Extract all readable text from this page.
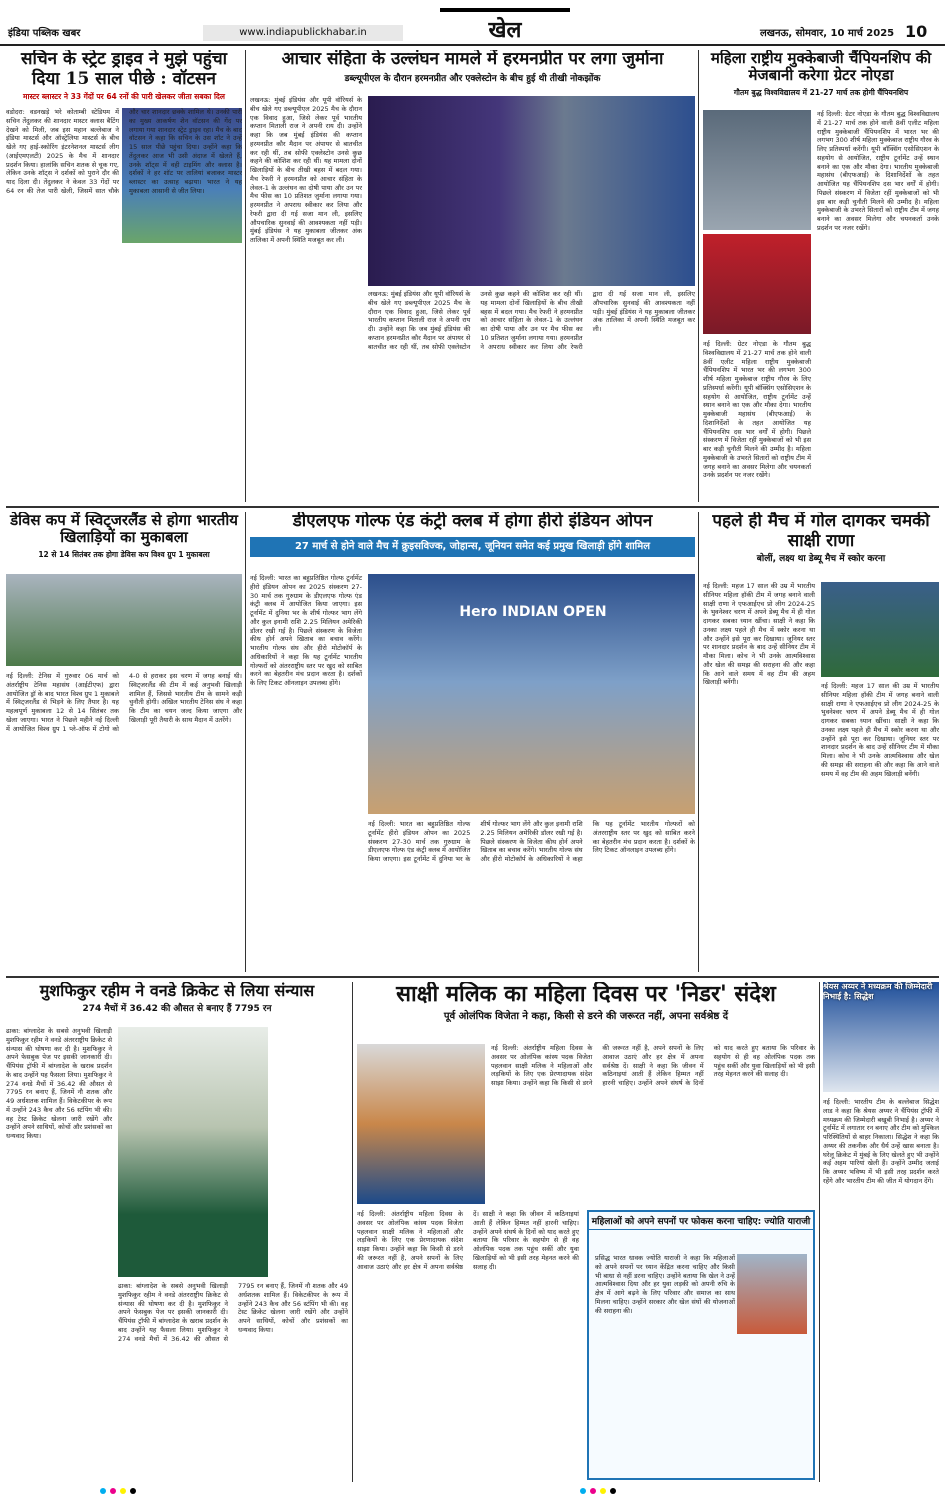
इंडिया पब्लिक खबर	www.indiapublickhabar.in	खेल	लखनऊ, सोमवार, 10 मार्च 2025 10
सचिन के स्ट्रेट ड्राइव ने मुझे पहुंचा दिया 15 साल पीछे : वॉटसन
मास्टर ब्लास्टर ने 33 गेंदों पर 64 रनों की पारी खेलकर जीता सबका दिल
वडोदरा: वडनखड़े भरे कोताम्बी स्टेडियम में सचिन तेंदुलकर की शानदार मास्टर क्लास बैटिंग देखने को मिली, जब इस महान बल्लेबाज ने इंडिया मास्टर्स और ऑस्ट्रेलिया मास्टर्स के बीच खेले गए हाई-स्कोरिंग इंटरनेशनल मास्टर्स लीग (आईएमएलटी) 2025 के मैच में शानदार प्रदर्शन किया। हालांकि सचिन शतक से चूक गए, लेकिन उनके शॉट्स ने दर्शकों को पुराने दौर की याद दिला दी। तेंदुलकर ने केवल 33 गेंदों पर 64 रन की तेज पारी खेली, जिसमें सात चौके और चार शानदार छक्के शामिल थे। उनकी पारी का मुख्य आकर्षण शेन वॉटसन की गेंद पर लगाया गया शानदार स्ट्रेट ड्राइव रहा। मैच के बाद वॉटसन ने कहा कि सचिन के उस शॉट ने उन्हें 15 साल पीछे पहुंचा दिया। उन्होंने कहा कि तेंदुलकर आज भी उसी अंदाज में खेलते हैं, उनके शॉट्स में वही टाइमिंग और क्लास है। दर्शकों ने हर शॉट पर तालियां बजाकर मास्टर ब्लास्टर का उत्साह बढ़ाया। भारत ने यह मुकाबला आसानी से जीत लिया।
आचार संहिता के उल्लंघन मामले में हरमनप्रीत पर लगा जुर्माना
डब्ल्यूपीएल के दौरान हरमनप्रीत और एक्लेस्टोन के बीच हुई थी तीखी नोकझोंक
लखनऊ: मुंबई इंडियंस और यूपी वॉरियर्स के बीच खेले गए डब्ल्यूपीएल 2025 मैच के दौरान एक विवाद हुआ, जिसे लेकर पूर्व भारतीय कप्तान मिताली राज ने अपनी राय दी। उन्होंने कहा कि जब मुंबई इंडियंस की कप्तान हरमनप्रीत कौर मैदान पर अंपायर से बातचीत कर रही थीं, तब सोफी एक्लेस्टोन उनसे कुछ कहने की कोशिश कर रही थीं। यह मामला दोनों खिलाड़ियों के बीच तीखी बहस में बदल गया। मैच रेफरी ने हरमनप्रीत को आचार संहिता के लेवल-1 के उल्लंघन का दोषी पाया और उन पर मैच फीस का 10 प्रतिशत जुर्माना लगाया गया। हरमनप्रीत ने अपराध स्वीकार कर लिया और रेफरी द्वारा दी गई सजा मान ली, इसलिए औपचारिक सुनवाई की आवश्यकता नहीं पड़ी। मुंबई इंडियंस ने यह मुकाबला जीतकर अंक तालिका में अपनी स्थिति मजबूत कर ली।
लखनऊ: मुंबई इंडियंस और यूपी वॉरियर्स के बीच खेले गए डब्ल्यूपीएल 2025 मैच के दौरान एक विवाद हुआ, जिसे लेकर पूर्व भारतीय कप्तान मिताली राज ने अपनी राय दी। उन्होंने कहा कि जब मुंबई इंडियंस की कप्तान हरमनप्रीत कौर मैदान पर अंपायर से बातचीत कर रही थीं, तब सोफी एक्लेस्टोन उनसे कुछ कहने की कोशिश कर रही थीं। यह मामला दोनों खिलाड़ियों के बीच तीखी बहस में बदल गया। मैच रेफरी ने हरमनप्रीत को आचार संहिता के लेवल-1 के उल्लंघन का दोषी पाया और उन पर मैच फीस का 10 प्रतिशत जुर्माना लगाया गया। हरमनप्रीत ने अपराध स्वीकार कर लिया और रेफरी द्वारा दी गई सजा मान ली, इसलिए औपचारिक सुनवाई की आवश्यकता नहीं पड़ी। मुंबई इंडियंस ने यह मुकाबला जीतकर अंक तालिका में अपनी स्थिति मजबूत कर ली।
महिला राष्ट्रीय मुक्केबाजी चैंपियनशिप की मेजबानी करेगा ग्रेटर नोएडा
गौतम बुद्ध विश्वविद्यालय में 21-27 मार्च तक होगी चैंपियनशिप
नई दिल्ली: ग्रेटर नोएडा के गौतम बुद्ध विश्वविद्यालय में 21-27 मार्च तक होने वाली 8वीं एलीट महिला राष्ट्रीय मुक्केबाजी चैंपियनशिप में भारत भर की लगभग 300 शीर्ष महिला मुक्केबाज राष्ट्रीय गौरव के लिए प्रतिस्पर्धा करेंगी। यूपी बॉक्सिंग एसोसिएशन के सहयोग से आयोजित, राष्ट्रीय टूर्नामेंट उन्हें स्थान बनाने का एक और मौका देगा। भारतीय मुक्केबाजी महासंघ (बीएफआई) के दिशानिर्देशों के तहत आयोजित यह चैंपियनशिप दस भार वर्गों में होगी। पिछले संस्करण में विजेता रहीं मुक्केबाजों को भी इस बार कड़ी चुनौती मिलने की उम्मीद है। महिला मुक्केबाजी के उभरते सितारों को राष्ट्रीय टीम में जगह बनाने का अवसर मिलेगा और चयनकर्ता उनके प्रदर्शन पर नजर रखेंगे।
नई दिल्ली: ग्रेटर नोएडा के गौतम बुद्ध विश्वविद्यालय में 21-27 मार्च तक होने वाली 8वीं एलीट महिला राष्ट्रीय मुक्केबाजी चैंपियनशिप में भारत भर की लगभग 300 शीर्ष महिला मुक्केबाज राष्ट्रीय गौरव के लिए प्रतिस्पर्धा करेंगी। यूपी बॉक्सिंग एसोसिएशन के सहयोग से आयोजित, राष्ट्रीय टूर्नामेंट उन्हें स्थान बनाने का एक और मौका देगा। भारतीय मुक्केबाजी महासंघ (बीएफआई) के दिशानिर्देशों के तहत आयोजित यह चैंपियनशिप दस भार वर्गों में होगी। पिछले संस्करण में विजेता रहीं मुक्केबाजों को भी इस बार कड़ी चुनौती मिलने की उम्मीद है। महिला मुक्केबाजी के उभरते सितारों को राष्ट्रीय टीम में जगह बनाने का अवसर मिलेगा और चयनकर्ता उनके प्रदर्शन पर नजर रखेंगे।
डेविस कप में स्विट्जरलैंड से होगा भारतीय खिलाड़ियों का मुकाबला
12 से 14 सितंबर तक होगा डेविस कप विश्व ग्रुप 1 मुकाबला
नई दिल्ली: टेनिस में गुरुवार 06 मार्च को अंतर्राष्ट्रीय टेनिस महासंघ (आईटीएफ) द्वारा आयोजित ड्रॉ के बाद भारत विश्व ग्रुप 1 मुकाबले में स्विट्जरलैंड से भिड़ने के लिए तैयार है। यह महत्वपूर्ण मुकाबला 12 से 14 सितंबर तक खेला जाएगा। भारत ने पिछले महीने नई दिल्ली में आयोजित विश्व ग्रुप 1 प्ले-ऑफ में टोगो को 4-0 से हराकर इस चरण में जगह बनाई थी। स्विट्जरलैंड की टीम में कई अनुभवी खिलाड़ी शामिल हैं, जिससे भारतीय टीम के सामने कड़ी चुनौती होगी। अखिल भारतीय टेनिस संघ ने कहा कि टीम का चयन जल्द किया जाएगा और खिलाड़ी पूरी तैयारी के साथ मैदान में उतरेंगे।
डीएलएफ गोल्फ एंड कंट्री क्लब में होगा हीरो इंडियन ओपन
27 मार्च से होने वाले मैच में क्रुइसविज्क, जोहान्स, जूनियन समेत कई प्रमुख खिलाड़ी होंगे शामिल
नई दिल्ली: भारत का बहुप्रतिष्ठित गोल्फ टूर्नामेंट हीरो इंडियन ओपन का 2025 संस्करण 27-30 मार्च तक गुरुग्राम के डीएलएफ गोल्फ एंड कंट्री क्लब में आयोजित किया जाएगा। इस टूर्नामेंट में दुनिया भर के शीर्ष गोल्फर भाग लेंगे और कुल इनामी राशि 2.25 मिलियन अमेरिकी डॉलर रखी गई है। पिछले संस्करण के विजेता कीथ होर्न अपने खिताब का बचाव करेंगे। भारतीय गोल्फ संघ और हीरो मोटोकॉर्प के अधिकारियों ने कहा कि यह टूर्नामेंट भारतीय गोल्फरों को अंतरराष्ट्रीय स्तर पर खुद को साबित करने का बेहतरीन मंच प्रदान करता है। दर्शकों के लिए टिकट ऑनलाइन उपलब्ध होंगे।
Hero INDIAN OPEN
नई दिल्ली: भारत का बहुप्रतिष्ठित गोल्फ टूर्नामेंट हीरो इंडियन ओपन का 2025 संस्करण 27-30 मार्च तक गुरुग्राम के डीएलएफ गोल्फ एंड कंट्री क्लब में आयोजित किया जाएगा। इस टूर्नामेंट में दुनिया भर के शीर्ष गोल्फर भाग लेंगे और कुल इनामी राशि 2.25 मिलियन अमेरिकी डॉलर रखी गई है। पिछले संस्करण के विजेता कीथ होर्न अपने खिताब का बचाव करेंगे। भारतीय गोल्फ संघ और हीरो मोटोकॉर्प के अधिकारियों ने कहा कि यह टूर्नामेंट भारतीय गोल्फरों को अंतरराष्ट्रीय स्तर पर खुद को साबित करने का बेहतरीन मंच प्रदान करता है। दर्शकों के लिए टिकट ऑनलाइन उपलब्ध होंगे।
पहले ही मैच में गोल दागकर चमकी साक्षी राणा
बोलीं, लक्ष्य था डेब्यू मैच में स्कोर करना
नई दिल्ली: महज 17 साल की उम्र में भारतीय सीनियर महिला हॉकी टीम में जगह बनाने वाली साक्षी राणा ने एफआईएच प्रो लीग 2024-25 के भुवनेश्वर चरण में अपने डेब्यू मैच में ही गोल दागकर सबका ध्यान खींचा। साक्षी ने कहा कि उनका लक्ष्य पहले ही मैच में स्कोर करना था और उन्होंने इसे पूरा कर दिखाया। जूनियर स्तर पर शानदार प्रदर्शन के बाद उन्हें सीनियर टीम में मौका मिला। कोच ने भी उनके आत्मविश्वास और खेल की समझ की सराहना की और कहा कि आने वाले समय में वह टीम की अहम खिलाड़ी बनेंगी।	नई दिल्ली: महज 17 साल की उम्र में भारतीय सीनियर महिला हॉकी टीम में जगह बनाने वाली साक्षी राणा ने एफआईएच प्रो लीग 2024-25 के भुवनेश्वर चरण में अपने डेब्यू मैच में ही गोल दागकर सबका ध्यान खींचा। साक्षी ने कहा कि उनका लक्ष्य पहले ही मैच में स्कोर करना था और उन्होंने इसे पूरा कर दिखाया। जूनियर स्तर पर शानदार प्रदर्शन के बाद उन्हें सीनियर टीम में मौका मिला। कोच ने भी उनके आत्मविश्वास और खेल की समझ की सराहना की और कहा कि आने वाले समय में वह टीम की अहम खिलाड़ी बनेंगी।
मुशफिकुर रहीम ने वनडे क्रिकेट से लिया संन्यास
274 मैचों में 36.42 की औसत से बनाए हैं 7795 रन
ढाका: बांग्लादेश के सबसे अनुभवी खिलाड़ी मुशफिकुर रहीम ने वनडे अंतरराष्ट्रीय क्रिकेट से संन्यास की घोषणा कर दी है। मुशफिकुर ने अपने फेसबुक पेज पर इसकी जानकारी दी। चैंपियंस ट्रॉफी में बांग्लादेश के खराब प्रदर्शन के बाद उन्होंने यह फैसला लिया। मुशफिकुर ने 274 वनडे मैचों में 36.42 की औसत से 7795 रन बनाए हैं, जिनमें नौ शतक और 49 अर्धशतक शामिल हैं। विकेटकीपर के रूप में उन्होंने 243 कैच और 56 स्टंपिंग भी की। वह टेस्ट क्रिकेट खेलना जारी रखेंगे और उन्होंने अपने साथियों, कोचों और प्रशंसकों का धन्यवाद किया।
ढाका: बांग्लादेश के सबसे अनुभवी खिलाड़ी मुशफिकुर रहीम ने वनडे अंतरराष्ट्रीय क्रिकेट से संन्यास की घोषणा कर दी है। मुशफिकुर ने अपने फेसबुक पेज पर इसकी जानकारी दी। चैंपियंस ट्रॉफी में बांग्लादेश के खराब प्रदर्शन के बाद उन्होंने यह फैसला लिया। मुशफिकुर ने 274 वनडे मैचों में 36.42 की औसत से 7795 रन बनाए हैं, जिनमें नौ शतक और 49 अर्धशतक शामिल हैं। विकेटकीपर के रूप में उन्होंने 243 कैच और 56 स्टंपिंग भी की। वह टेस्ट क्रिकेट खेलना जारी रखेंगे और उन्होंने अपने साथियों, कोचों और प्रशंसकों का धन्यवाद किया।
साक्षी मलिक का महिला दिवस पर 'निडर' संदेश
पूर्व ओलंपिक विजेता ने कहा, किसी से डरने की जरूरत नहीं, अपना सर्वश्रेष्ठ दें
नई दिल्ली: अंतर्राष्ट्रीय महिला दिवस के अवसर पर ओलंपिक कांस्य पदक विजेता पहलवान साक्षी मलिक ने महिलाओं और लड़कियों के लिए एक प्रेरणादायक संदेश साझा किया। उन्होंने कहा कि किसी से डरने की जरूरत नहीं है, अपने सपनों के लिए आवाज उठाएं और हर क्षेत्र में अपना सर्वश्रेष्ठ दें। साक्षी ने कहा कि जीवन में कठिनाइयां आती हैं लेकिन हिम्मत नहीं हारनी चाहिए। उन्होंने अपने संघर्ष के दिनों को याद करते हुए बताया कि परिवार के सहयोग से ही वह ओलंपिक पदक तक पहुंच सकीं और युवा खिलाड़ियों को भी इसी तरह मेहनत करने की सलाह दी।
नई दिल्ली: अंतर्राष्ट्रीय महिला दिवस के अवसर पर ओलंपिक कांस्य पदक विजेता पहलवान साक्षी मलिक ने महिलाओं और लड़कियों के लिए एक प्रेरणादायक संदेश साझा किया। उन्होंने कहा कि किसी से डरने की जरूरत नहीं है, अपने सपनों के लिए आवाज उठाएं और हर क्षेत्र में अपना सर्वश्रेष्ठ दें। साक्षी ने कहा कि जीवन में कठिनाइयां आती हैं लेकिन हिम्मत नहीं हारनी चाहिए। उन्होंने अपने संघर्ष के दिनों को याद करते हुए बताया कि परिवार के सहयोग से ही वह ओलंपिक पदक तक पहुंच सकीं और युवा खिलाड़ियों को भी इसी तरह मेहनत करने की सलाह दी।
महिलाओं को अपने सपनों पर फोकस करना चाहिए: ज्योति याराजी
प्रसिद्ध भारत धावक ज्योति याराजी ने कहा कि महिलाओं को अपने सपनों पर ध्यान केंद्रित करना चाहिए और किसी भी बाधा से नहीं डरना चाहिए। उन्होंने बताया कि खेल ने उन्हें आत्मविश्वास दिया और हर युवा लड़की को अपनी रुचि के क्षेत्र में आगे बढ़ने के लिए परिवार और समाज का साथ मिलना चाहिए। उन्होंने सरकार और खेल संघों की योजनाओं की सराहना की।
श्रेयस अय्यर ने मध्यक्रम की जिम्मेदारी निभाई है: सिद्धेश
नई दिल्ली: भारतीय टीम के बल्लेबाज सिद्धेश लाड ने कहा कि श्रेयस अय्यर ने चैंपियंस ट्रॉफी में मध्यक्रम की जिम्मेदारी बखूबी निभाई है। अय्यर ने टूर्नामेंट में लगातार रन बनाए और टीम को मुश्किल परिस्थितियों से बाहर निकाला। सिद्धेश ने कहा कि अय्यर की तकनीक और धैर्य उन्हें खास बनाता है। घरेलू क्रिकेट में मुंबई के लिए खेलते हुए भी उन्होंने कई अहम पारियां खेली हैं। उन्होंने उम्मीद जताई कि अय्यर भविष्य में भी इसी तरह प्रदर्शन करते रहेंगे और भारतीय टीम की जीत में योगदान देंगे।
